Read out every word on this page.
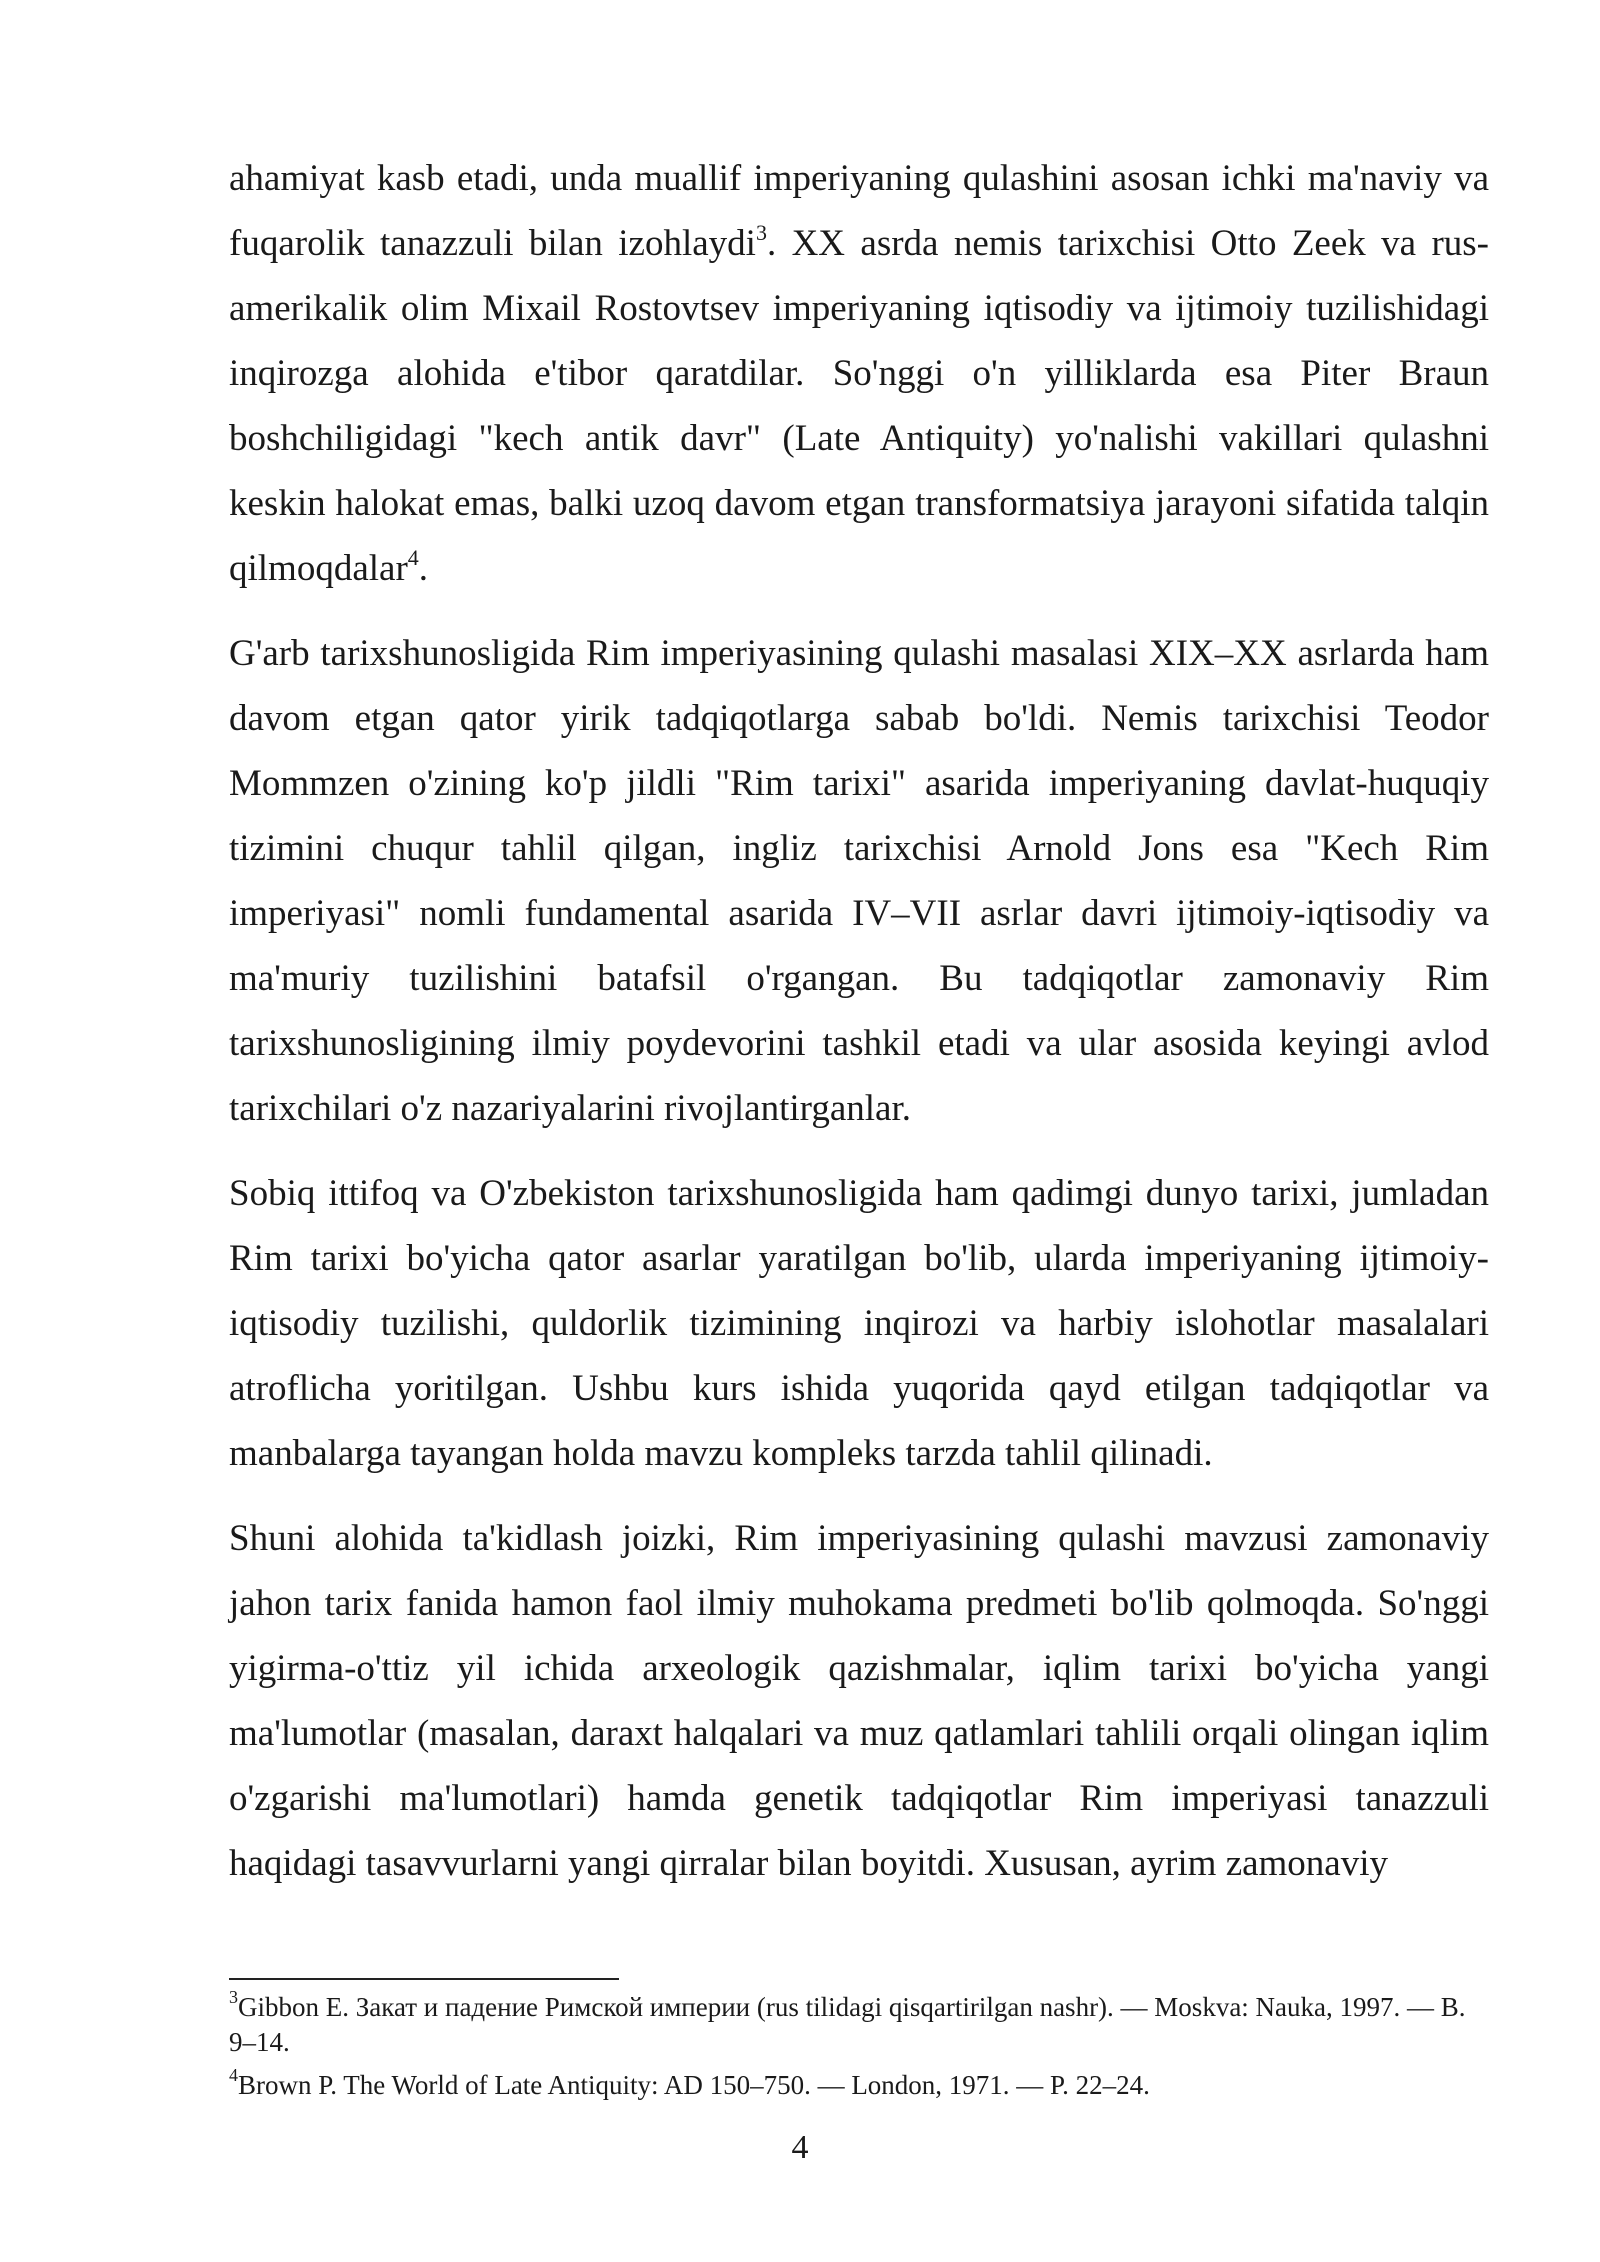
ahamiyat kasb etadi, unda muallif imperiyaning qulashini asosan ichki ma'naviy va fuqarolik tanazzuli bilan izohlaydi$^3$. XX asrda nemis tarixchisi Otto Zeek va rus-amerikalik olim Mixail Rostovtsev imperiyaning iqtisodiy va ijtimoiy tuzilishidagi inqirozga alohida e'tibor qaratdilar. So'nggi o'n yilliklarda esa Piter Braun boshchiligidagi "kech antik davr" (Late Antiquity) yo'nalishi vakillari qulashni keskin halokat emas, balki uzoq davom etgan transformatsiya jarayoni sifatida talqin qilmoqdalar$^4$.

G'arb tarixshunosligida Rim imperiyasining qulashi masalasi XIX–XX asrlarda ham davom etgan qator yirik tadqiqotlarga sabab bo'ldi. Nemis tarixchisi Teodor Mommzen o'zining ko'p jildli "Rim tarixi" asarida imperiyaning davlat-huquqiy tizimini chuqur tahlil qilgan, ingliz tarixchisi Arnold Jons esa "Kech Rim imperiyasi" nomli fundamental asarida IV–VII asrlar davri ijtimoiy-iqtisodiy va ma'muriy tuzilishini batafsil o'rgangan. Bu tadqiqotlar zamonaviy Rim tarixshunosligining ilmiy poydevorini tashkil etadi va ular asosida keyingi avlod tarixchilari o'z nazariyalarini rivojlantirganlar.

Sobiq ittifoq va O'zbekiston tarixshunosligida ham qadimgi dunyo tarixi, jumladan Rim tarixi bo'yicha qator asarlar yaratilgan bo'lib, ularda imperiyaning ijtimoiy-iqtisodiy tuzilishi, quldorlik tizimining inqirozi va harbiy islohotlar masalalari atroflicha yoritilgan. Ushbu kurs ishida yuqorida qayd etilgan tadqiqotlar va manbalarga tayangan holda mavzu kompleks tarzda tahlil qilinadi.

Shuni alohida ta'kidlash joizki, Rim imperiyasining qulashi mavzusi zamonaviy jahon tarix fanida hamon faol ilmiy muhokama predmeti bo'lib qolmoqda. So'nggi yigirma-o'ttiz yil ichida arxeologik qazishmalar, iqlim tarixi bo'yicha yangi ma'lumotlar (masalan, daraxt halqalari va muz qatlamlari tahlili orqali olingan iqlim o'zgarishi ma'lumotlari) hamda genetik tadqiqotlar Rim imperiyasi tanazzuli haqidagi tasavvurlarni yangi qirralar bilan boyitdi. Xususan, ayrim zamonaviy

$^3$Gibbon E. Закат и падение Римской империи (rus tilidagi qisqartirilgan nashr). — Moskva: Nauka, 1997. — B. 9–14.

$^4$Brown P. The World of Late Antiquity: AD 150–750. — London, 1971. — P. 22–24.

4
